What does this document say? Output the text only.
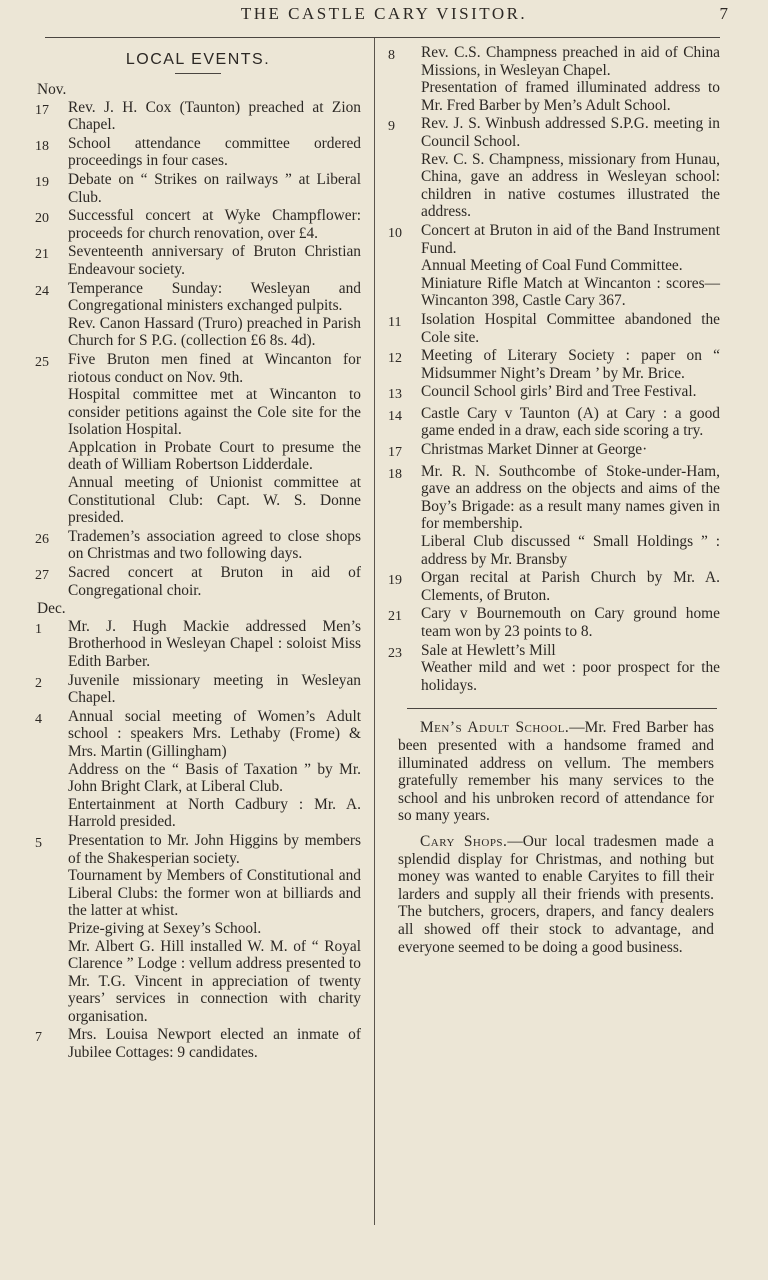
THE CASTLE CARY VISITOR.	7
LOCAL EVENTS.
Nov.
17	Rev. J. H. Cox (Taunton) preached at Zion Chapel.
18	School attendance committee ordered proceedings in four cases.
19	Debate on “ Strikes on railways ” at Liberal Club.
20	Successful concert at Wyke Champflower: proceeds for church renovation, over £4.
21	Seventeenth anniversary of Bruton Christian Endeavour society.
24	Temperance Sunday: Wesleyan and Congregational ministers exchanged pulpits.
Rev. Canon Hassard (Truro) preached in Parish Church for S P.G. (collection £6 8s. 4d).
25	Five Bruton men fined at Wincanton for riotous conduct on Nov. 9th.
Hospital committee met at Wincanton to consider petitions against the Cole site for the Isolation Hospital.
Applcation in Probate Court to presume the death of William Robertson Lidderdale.
Annual meeting of Unionist committee at Constitutional Club: Capt. W. S. Donne presided.
26	Trademen’s association agreed to close shops on Christmas and two following days.
27	Sacred concert at Bruton in aid of Congregational choir.
Dec.
1	Mr. J. Hugh Mackie addressed Men’s Brotherhood in Wesleyan Chapel : soloist Miss Edith Barber.
2	Juvenile missionary meeting in Wesleyan Chapel.
4	Annual social meeting of Women’s Adult school : speakers Mrs. Lethaby (Frome) & Mrs. Martin (Gillingham)
Address on the “ Basis of Taxation ” by Mr. John Bright Clark, at Liberal Club.
Entertainment at North Cadbury : Mr. A. Harrold presided.
5	Presentation to Mr. John Higgins by members of the Shakesperian society.
Tournament by Members of Constitutional and Liberal Clubs: the former won at billiards and the latter at whist.
Prize-giving at Sexey’s School.
Mr. Albert G. Hill installed W. M. of “ Royal Clarence ” Lodge : vellum address presented to Mr. T.G. Vincent in appreciation of twenty years’ services in connection with charity organisation.
7	Mrs. Louisa Newport elected an inmate of Jubilee Cottages: 9 candidates.
8	Rev. C.S. Champness preached in aid of China Missions, in Wesleyan Chapel.
Presentation of framed illuminated address to Mr. Fred Barber by Men’s Adult School.
9	Rev. J. S. Winbush addressed S.P.G. meeting in Council School.
Rev. C. S. Champness, missionary from Hunau, China, gave an address in Wesleyan school: children in native costumes illustrated the address.
10	Concert at Bruton in aid of the Band Instrument Fund.
Annual Meeting of Coal Fund Committee.
Miniature Rifle Match at Wincanton : scores—Wincanton 398, Castle Cary 367.
11	Isolation Hospital Committee abandoned the Cole site.
12	Meeting of Literary Society : paper on “ Midsummer Night’s Dream ’ by Mr. Brice.
13	Council School girls’ Bird and Tree Festival.
14	Castle Cary v Taunton (A) at Cary : a good game ended in a draw, each side scoring a try.
17	Christmas Market Dinner at George·
18	Mr. R. N. Southcombe of Stoke-under-Ham, gave an address on the objects and aims of the Boy’s Brigade: as a result many names given in for membership.
Liberal Club discussed “ Small Holdings ” : address by Mr. Bransby
19	Organ recital at Parish Church by Mr. A. Clements, of Bruton.
21	Cary v Bournemouth on Cary ground home team won by 23 points to 8.
23	Sale at Hewlett’s Mill
Weather mild and wet : poor prospect for the holidays.
Men’s Adult School.—Mr. Fred Barber has been presented with a handsome framed and illuminated address on vellum. The members gratefully remember his many services to the school and his unbroken record of attendance for so many years.
Cary Shops.—Our local tradesmen made a splendid display for Christmas, and nothing but money was wanted to enable Caryites to fill their larders and supply all their friends with presents. The butchers, grocers, drapers, and fancy dealers all showed off their stock to advantage, and everyone seemed to be doing a good business.
